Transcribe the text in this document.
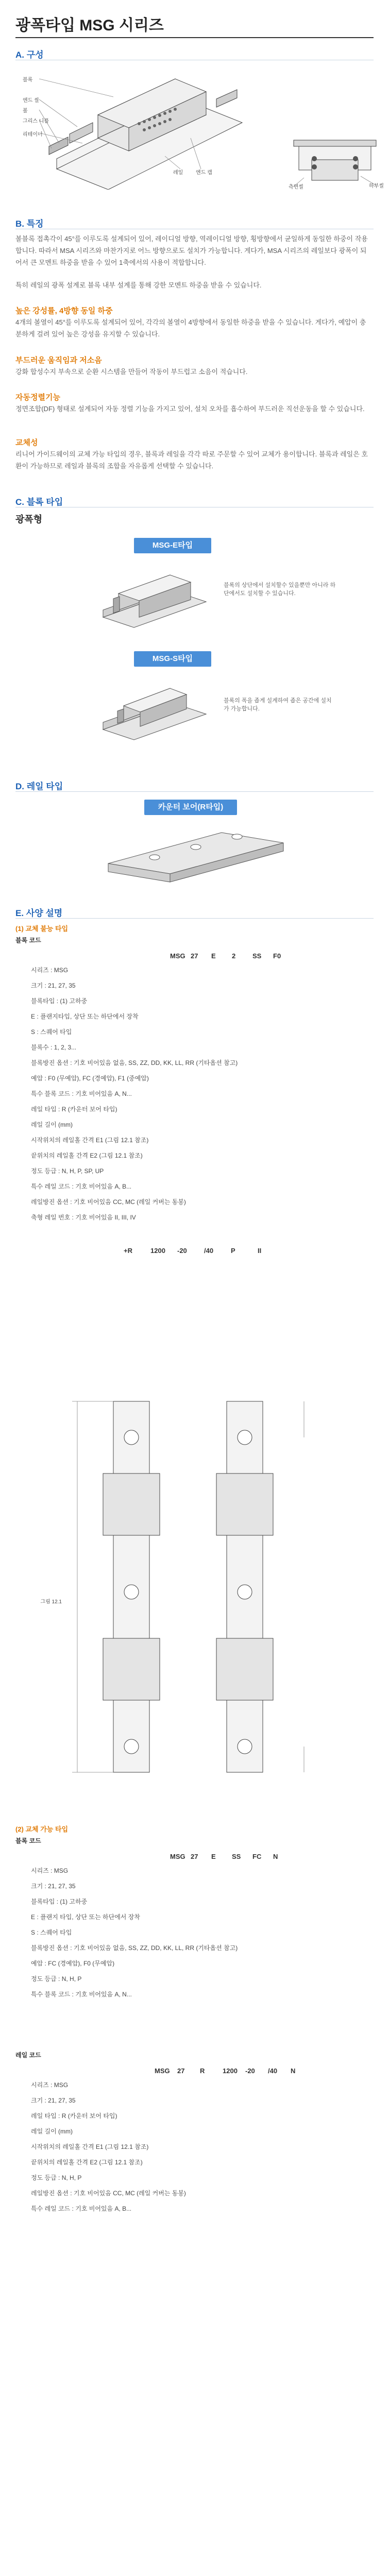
광폭타입 MSG 시리즈
A. 구성
블록
엔드 씰
볼
그리스 니플
리테이너
레일 엔드 캡
하부씰
측면씰
B. 특징
볼블록 접촉각이 45°를 이루도록 설계되어 있어, 레이디얼 방향, 역레이디얼 방향, 횡방향에서 균일하게 동일한 하중이 작용합니다. 따라서 MSA 시리즈와 마찬가지로 어느 방향으로도 설치가 가능합니다. 게다가, MSA 시리즈의 레일보다 광폭이 되어서 큰 모멘트 하중을 받을 수 있어 1축에서의 사용이 적합합니다.
특히 레일의 광폭 설계로 블록 내부 설계를 통해 강한 모멘트 하중을 받을 수 있습니다.
높은 강성률, 4방향 동일 하중
4개의 볼열이 45°를 이루도록 설계되어 있어, 각각의 볼열이 4방향에서 동일한 하중을 받을 수 있습니다. 게다가, 예압이 충분하게 걸려 있어 높은 강성을 유지할 수 있습니다.
부드러운 움직임과 저소음
강화 합성수지 부속으로 순환 시스템을 만들어 작동이 부드럽고 소음이 적습니다.
자동정렬기능
정면조합(DF) 형태로 설계되어 자동 정렬 기능을 가지고 있어, 설치 오차를 흡수하여 부드러운 직선운동을 할 수 있습니다.
교체성
리니어 가이드웨이의 교체 가능 타입의 경우, 블록과 레일을 각각 따로 주문할 수 있어 교체가 용이합니다. 블록과 레일은 호환이 가능하므로 레일과 블록의 조합을 자유롭게 선택할 수 있습니다.
C. 블록 타입
광폭형
MSG-E타입
블록의 상단에서 설치할수 있을뿐만 아니라 하단에서도 설치할 수 있습니다.
MSG-S타입
블록의 폭을 좁게 설계하여 좁은 공간에 설치가 가능합니다.
D. 레일 타입
카운터 보어(R타입)
E. 사양 설명
(1) 교체 불능 타입
블록 코드
MSG 27 E 2	SS F0
시리즈 : MSG
크기 : 21, 27, 35
블록타입 : (1) 고하중
E : 플랜지타입, 상단 또는 하단에서 장착
S : 스퀘어 타입
블록수 : 1, 2, 3...
블록방진 옵션 : 기호 비어있음 없음, SS, ZZ, DD, KK, LL, RR (기타옵션 참고)
예압 : F0 (무예압), FC (경예압), F1 (중예압)
특수 블록 코드 : 기호 비어있음 A, N...
레일 타입 : R (카운터 보어 타입)
레일 길이 (mm)
시작위치의 레일홀 간격 E1 (그림 12.1 참조)
끝위치의 레일홀 간격 E2 (그림 12.1 참조)
정도 등급 : N, H, P, SP, UP
특수 레일 코드 : 기호 비어있음 A, B...
레일방진 옵션 : 기호 비어있음 CC, MC (레일 커버는 동봉)
축형 레일 번호 : 기호 비어있음 II, III, IV
+R	1200 -20	/40	P	II
그림 12.1
(2) 교체 가능 타입
블록 코드
MSG 27 E SS FC N
시리즈 : MSG
크기 : 21, 27, 35
블록타입 : (1) 고하중
E : 플랜지 타입, 상단 또는 하단에서 장착
S : 스퀘어 타입
블록방진 옵션 : 기호 비어있음 없음, SS, ZZ, DD, KK, LL, RR (기타옵션 참고)
예압 : FC (경예압), F0 (무예압)
정도 등급 : N, H, P
특수 블록 코드 : 기호 비어있음 A, N...
레일 코드
MSG 27 R	1200 -20 /40 N
시리즈 : MSG
크기 : 21, 27, 35
레일 타입 : R (카운터 보어 타입)
레일 길이 (mm)
시작위치의 레일홀 간격 E1 (그림 12.1 참조)
끝위치의 레일홀 간격 E2 (그림 12.1 참조)
정도 등급 : N, H, P
레일방진 옵션 : 기호 비어있음 CC, MC (레일 커버는 동봉)
특수 레일 코드 : 기호 비어있음 A, B...
